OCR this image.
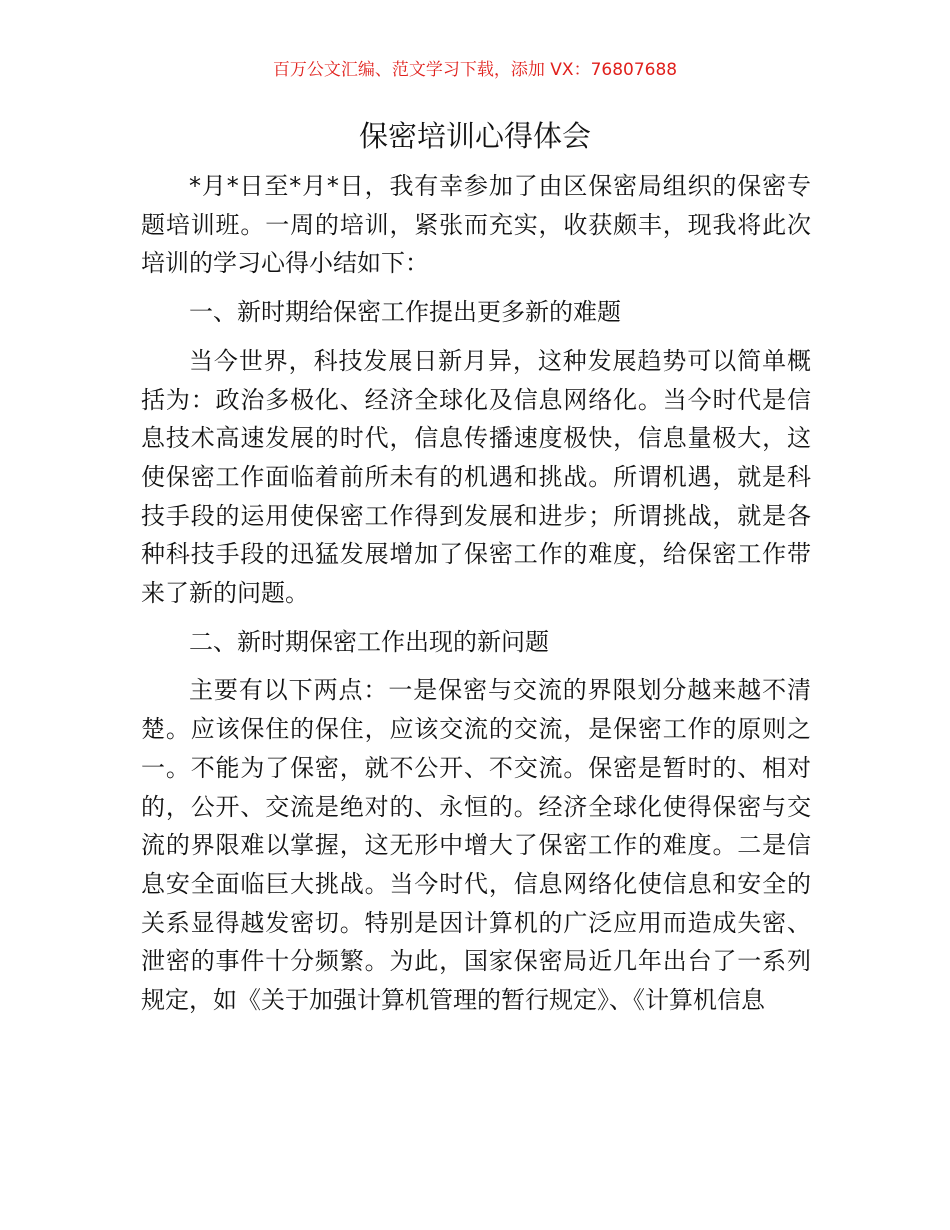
百万公文汇编、范文学习下载，添加 VX：76807688
保密培训心得体会

*月*日至*月*日，我有幸参加了由区保密局组织的保密专题培训班。一周的培训，紧张而充实，收获颇丰，现我将此次培训的学习心得小结如下：

一、新时期给保密工作提出更多新的难题

当今世界，科技发展日新月异，这种发展趋势可以简单概括为：政治多极化、经济全球化及信息网络化。当今时代是信息技术高速发展的时代，信息传播速度极快，信息量极大，这使保密工作面临着前所未有的机遇和挑战。所谓机遇，就是科技手段的运用使保密工作得到发展和进步；所谓挑战，就是各种科技手段的迅猛发展增加了保密工作的难度，给保密工作带来了新的问题。

二、新时期保密工作出现的新问题

主要有以下两点：一是保密与交流的界限划分越来越不清楚。应该保住的保住，应该交流的交流，是保密工作的原则之一。不能为了保密，就不公开、不交流。保密是暂时的、相对的，公开、交流是绝对的、永恒的。经济全球化使得保密与交流的界限难以掌握，这无形中增大了保密工作的难度。二是信息安全面临巨大挑战。当今时代，信息网络化使信息和安全的关系显得越发密切。特别是因计算机的广泛应用而造成失密、泄密的事件十分频繁。为此，国家保密局近几年出台了一系列规定，如《关于加强计算机管理的暂行规定》、《计算机信息
